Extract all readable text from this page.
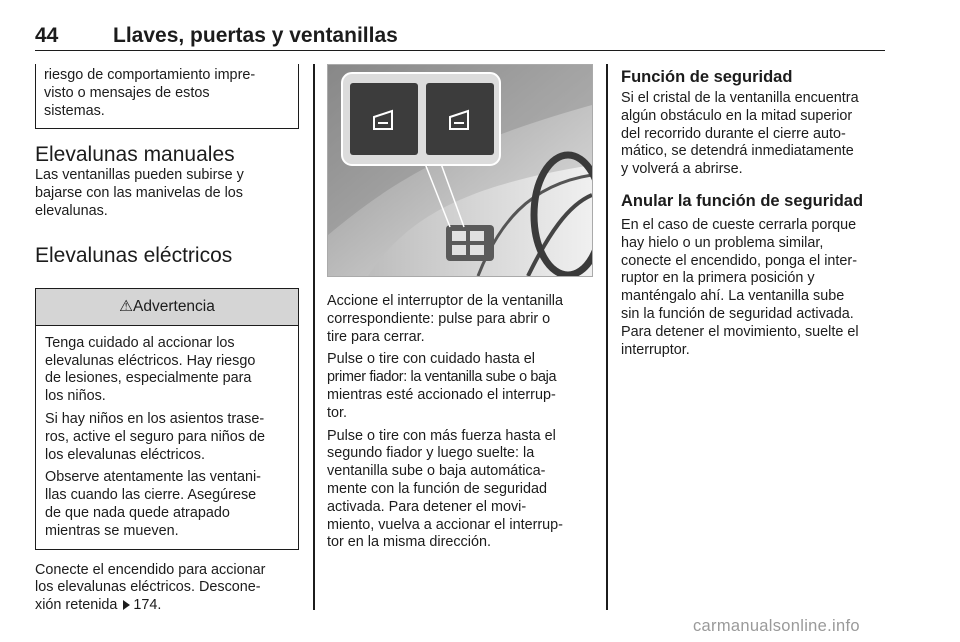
44	Llaves, puertas y ventanillas

riesgo de comportamiento impre-
visto o mensajes de estos
sistemas.

Elevalunas manuales

Las ventanillas pueden subirse y
bajarse con las manivelas de los
elevalunas.

Elevalunas eléctricos
⚠Advertencia

Tenga cuidado al accionar los
elevalunas eléctricos. Hay riesgo
de lesiones, especialmente para
los niños.

Si hay niños en los asientos trase-
ros, active el seguro para niños de
los elevalunas eléctricos.

Observe atentamente las ventani-
llas cuando las cierre. Asegúrese
de que nada quede atrapado
mientras se mueven.

Conecte el encendido para accionar
los elevalunas eléctricos. Descone-
xión retenida 174.

Accione el interruptor de la ventanilla
correspondiente: pulse para abrir o
tire para cerrar.

Pulse o tire con cuidado hasta el
primer fiador: la ventanilla sube o baja
mientras esté accionado el interrup-
tor.

Pulse o tire con más fuerza hasta el
segundo fiador y luego suelte: la
ventanilla sube o baja automática-
mente con la función de seguridad
activada. Para detener el movi-
miento, vuelva a accionar el interrup-
tor en la misma dirección.

Función de seguridad

Si el cristal de la ventanilla encuentra
algún obstáculo en la mitad superior
del recorrido durante el cierre auto-
mático, se detendrá inmediatamente
y volverá a abrirse.

Anular la función de seguridad

En el caso de cueste cerrarla porque
hay hielo o un problema similar,
conecte el encendido, ponga el inter-
ruptor en la primera posición y
manténgalo ahí. La ventanilla sube
sin la función de seguridad activada.
Para detener el movimiento, suelte el
interruptor.

carmanualsonline.info
